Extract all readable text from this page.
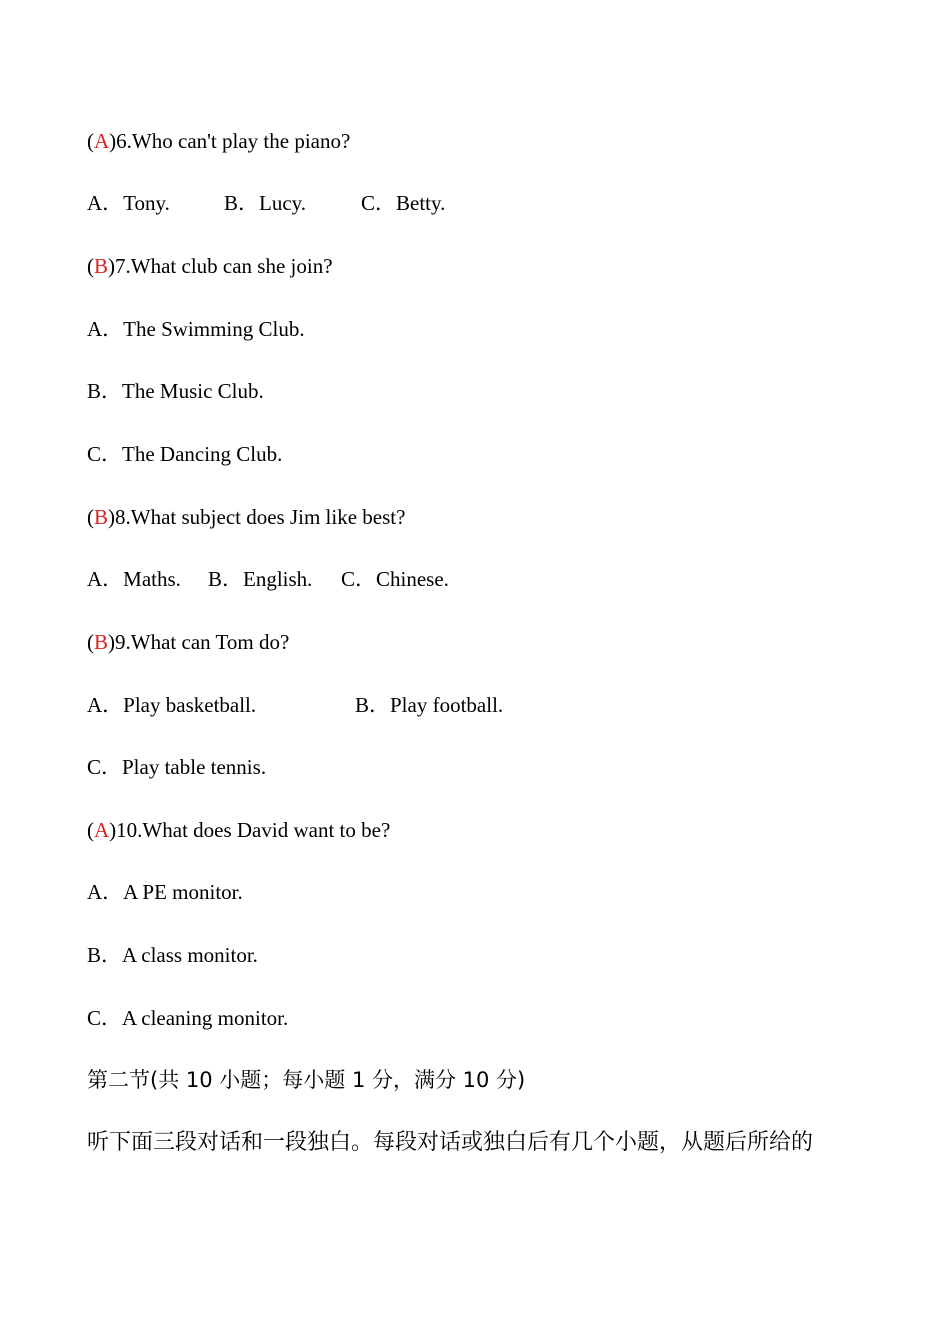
(A)6.Who can't play the piano?
A．Tony.	B．Lucy.	C．Betty.
(B)7.What club can she join?
A．The Swimming Club.
B．The Music Club.
C．The Dancing Club.
(B)8.What subject does Jim like best?
A．Maths. B．English. C．Chinese.
(B)9.What can Tom do?
A．Play basketball.	B．Play football.
C．Play table tennis.
(A)10.What does David want to be?
A．A PE monitor.
B．A class monitor.
C．A cleaning monitor.
第二节(共 10 小题；每小题 1 分，满分 10 分)
听下面三段对话和一段独白。每段对话或独白后有几个小题，从题后所给的
